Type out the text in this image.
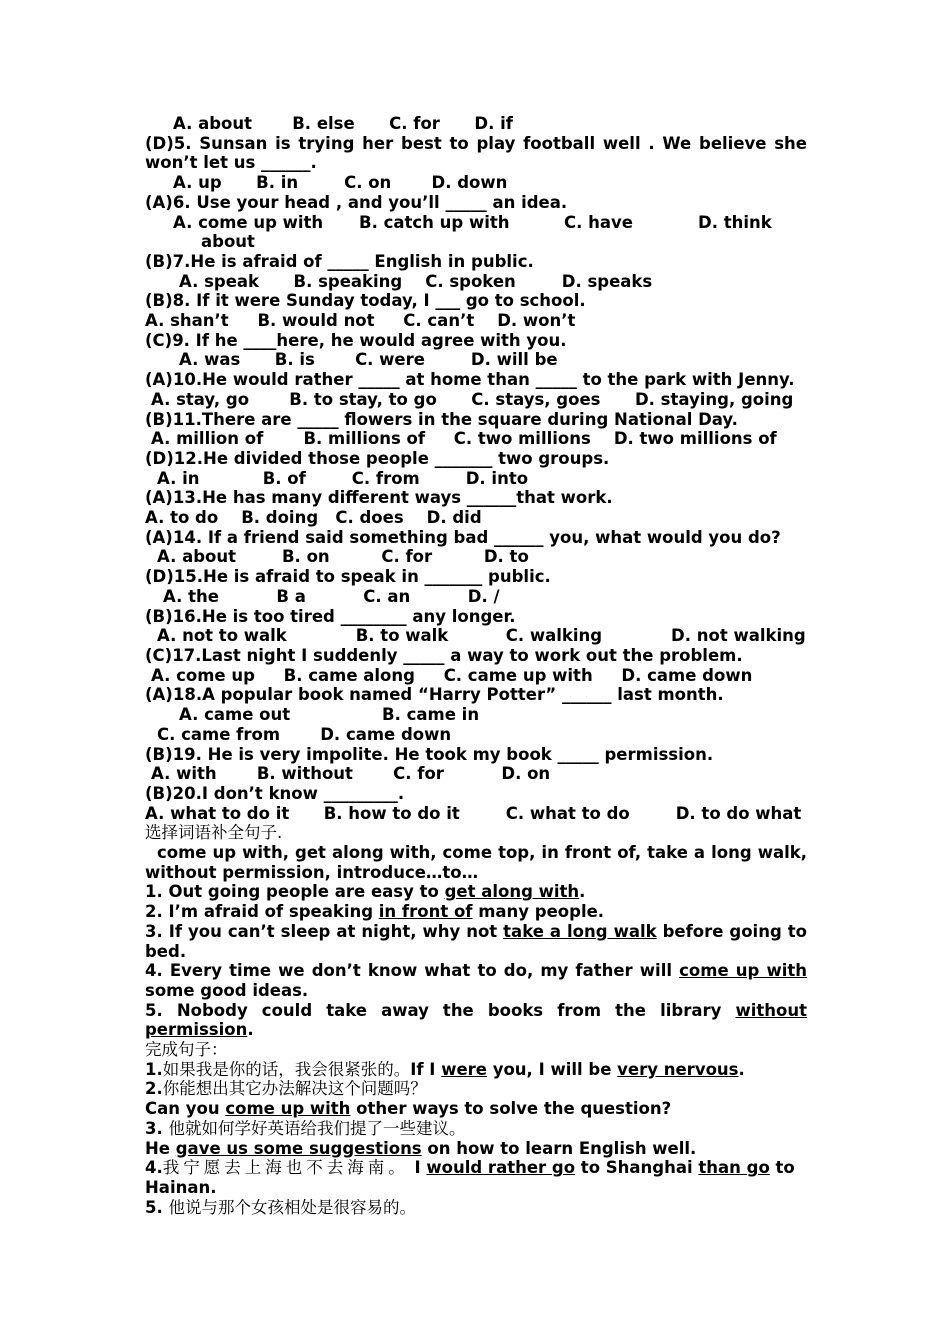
A. about B. else C. for D. if
(D)5. Sunsan is trying her best to play football well . We believe she won’t let us ______.
A. up B. in	C. on D. down
(A)6. Use your head , and you’ll _____ an idea.
A. come up with	B. catch up with	C. have	D. think
about
(B)7.He is afraid of _____ English in public.
A. speak B. speaking C. spoken	D. speaks
(B)8. If it were Sunday today, I ___ go to school.
A. shan’t B. would not C. can’t D. won’t
(C)9. If he ____here, he would agree with you.
A. was B. is C. were	D. will be
(A)10.He would rather _____ at home than _____ to the park with Jenny.
A. stay, go B. to stay, to go C. stays, goes D. staying, going
(B)11.There are _____ flowers in the square during National Day.
A. million of B. millions of C. two millions D. two millions of
(D)12.He divided those people _______ two groups.
A. in	B. of	C. from	D. into
(A)13.He has many different ways ______that work.
A. to do B. doing C. does D. did
(A)14. If a friend said something bad ______ you, what would you do?
A. about	B. on	C. for	D. to
(D)15.He is afraid to speak in _______ public.
A. the	B a	C. an	D. /
(B)16.He is too tired ________ any longer.
A. not to walk	B. to walk	C. walking	D. not walking
(C)17.Last night I suddenly _____ a way to work out the problem.
A. come up B. came along C. came up with D. came down
(A)18.A popular book named “Harry Potter” ______ last month.
A. came out	B. came in
C. came from D. came down
(B)19. He is very impolite. He took my book _____ permission.
A. with B. without C. for	D. on
(B)20.I don’t know _________.
A. what to do it B. how to do it	C. what to do	D. to do what
选择词语补全句子.
come up with, get along with, come top, in front of, take a long walk, without permission, introduce…to…
1. Out going people are easy to get along with.
2. I’m afraid of speaking in front of many people.
3. If you can’t sleep at night, why not take a long walk before going to bed.
4. Every time we don’t know what to do, my father will come up with some good ideas.
5. Nobody could take away the books from the library without permission.
完成句子：
1.如果我是你的话，我会很紧张的。If I were you, I will be very nervous.
2.你能想出其它办法解决这个问题吗？
Can you come up with other ways to solve the question?
3. 他就如何学好英语给我们提了一些建议。
He gave us some suggestions on how to learn English well.
4.我宁愿去上海也不去海南。 I would rather go to Shanghai than go to Hainan.
5. 他说与那个女孩相处是很容易的。
